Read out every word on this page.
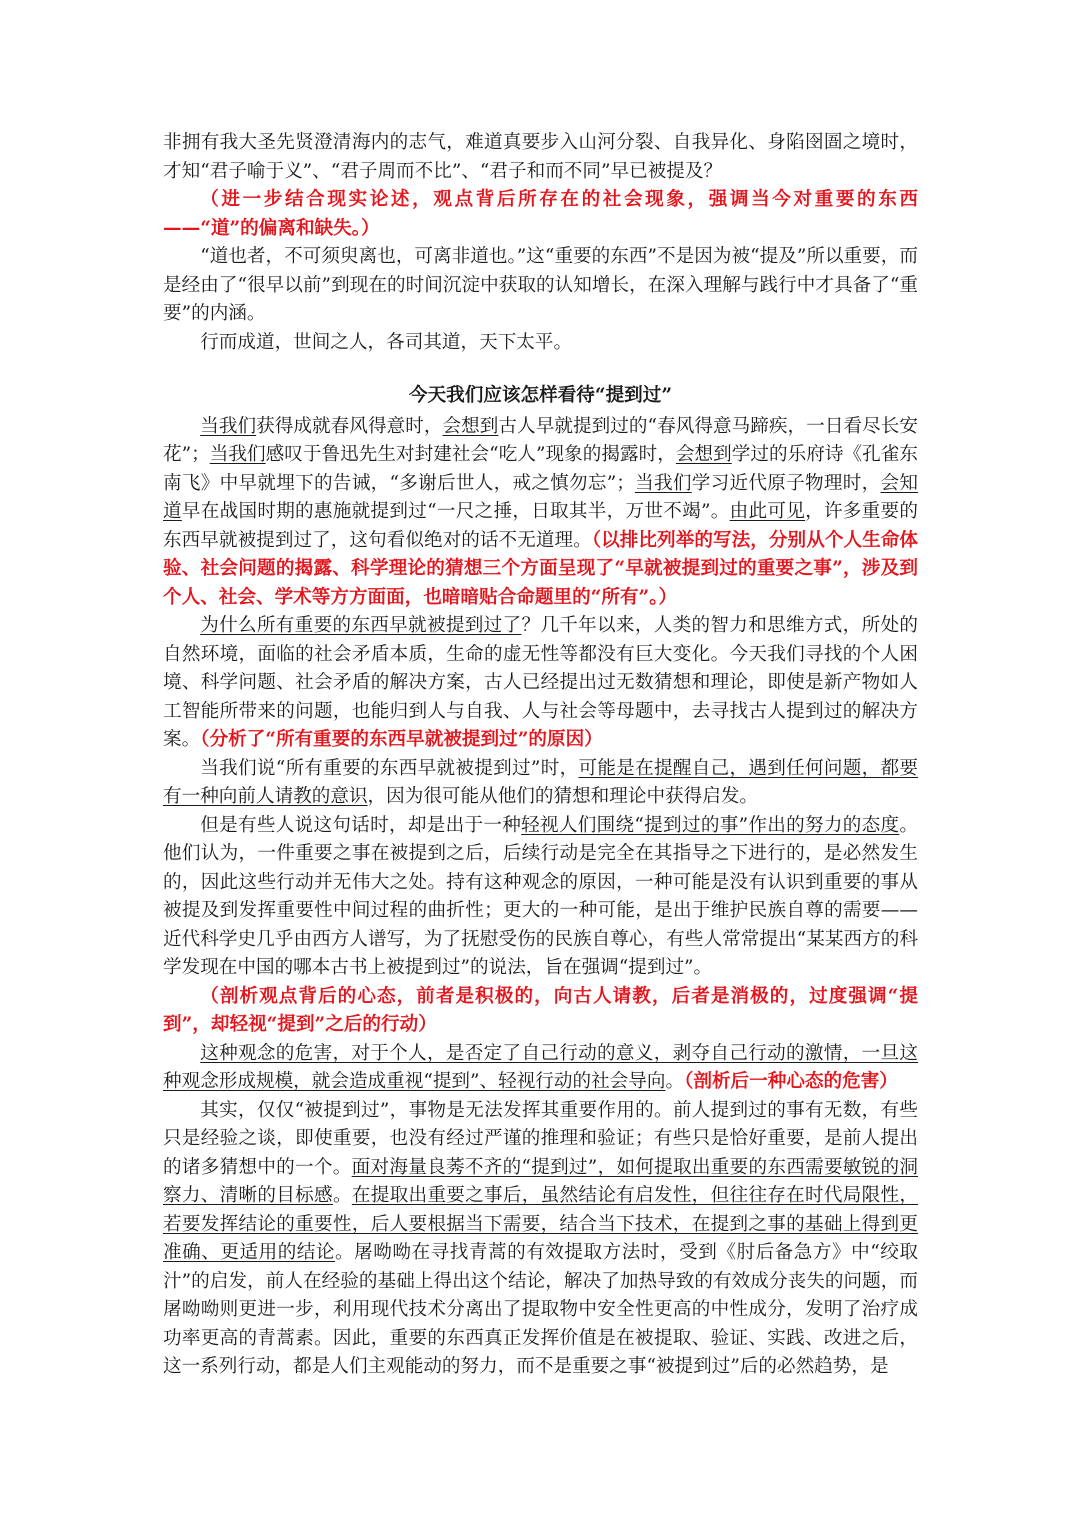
非拥有我大圣先贤澄清海内的志气，难道真要步入山河分裂、自我异化、身陷囹圄之境时，才知“君子喻于义”、“君子周而不比”、“君子和而不同”早已被提及？

（进一步结合现实论述，观点背后所存在的社会现象，强调当今对重要的东西——“道”的偏离和缺失。）

“道也者，不可须臾离也，可离非道也。”这“重要的东西”不是因为被“提及”所以重要，而是经由了“很早以前”到现在的时间沉淀中获取的认知增长，在深入理解与践行中才具备了“重要”的内涵。

行而成道，世间之人，各司其道，天下太平。

今天我们应该怎样看待“提到过”

当我们获得成就春风得意时，会想到古人早就提到过的“春风得意马蹄疾，一日看尽长安花”；当我们感叹于鲁迅先生对封建社会“吃人”现象的揭露时，会想到学过的乐府诗《孔雀东南飞》中早就埋下的告诫，“多谢后世人，戒之慎勿忘”；当我们学习近代原子物理时，会知道早在战国时期的惠施就提到过“一尺之捶，日取其半，万世不竭”。由此可见，许多重要的东西早就被提到过了，这句看似绝对的话不无道理。（以排比列举的写法，分别从个人生命体验、社会问题的揭露、科学理论的猜想三个方面呈现了“早就被提到过的重要之事”，涉及到个人、社会、学术等方方面面，也暗暗贴合命题里的“所有”。）

为什么所有重要的东西早就被提到过了？几千年以来，人类的智力和思维方式，所处的自然环境，面临的社会矛盾本质，生命的虚无性等都没有巨大变化。今天我们寻找的个人困境、科学问题、社会矛盾的解决方案，古人已经提出过无数猜想和理论，即使是新产物如人工智能所带来的问题，也能归到人与自我、人与社会等母题中，去寻找古人提到过的解决方案。（分析了“所有重要的东西早就被提到过”的原因）

当我们说“所有重要的东西早就被提到过”时，可能是在提醒自己，遇到任何问题，都要有一种向前人请教的意识，因为很可能从他们的猜想和理论中获得启发。

但是有些人说这句话时，却是出于一种轻视人们围绕“提到过的事”作出的努力的态度。他们认为，一件重要之事在被提到之后，后续行动是完全在其指导之下进行的，是必然发生的，因此这些行动并无伟大之处。持有这种观念的原因，一种可能是没有认识到重要的事从被提及到发挥重要性中间过程的曲折性；更大的一种可能，是出于维护民族自尊的需要——近代科学史几乎由西方人谱写，为了抚慰受伤的民族自尊心，有些人常常提出“某某西方的科学发现在中国的哪本古书上被提到过”的说法，旨在强调“提到过”。

（剖析观点背后的心态，前者是积极的，向古人请教，后者是消极的，过度强调“提到”，却轻视“提到”之后的行动）

这种观念的危害，对于个人，是否定了自己行动的意义，剥夺自己行动的激情，一旦这种观念形成规模，就会造成重视“提到”、轻视行动的社会导向。（剖析后一种心态的危害）

其实，仅仅“被提到过”，事物是无法发挥其重要作用的。前人提到过的事有无数，有些只是经验之谈，即使重要，也没有经过严谨的推理和验证；有些只是恰好重要，是前人提出的诸多猜想中的一个。面对海量良莠不齐的“提到过”，如何提取出重要的东西需要敏锐的洞察力、清晰的目标感。在提取出重要之事后，虽然结论有启发性，但往往存在时代局限性，若要发挥结论的重要性，后人要根据当下需要，结合当下技术，在提到之事的基础上得到更准确、更适用的结论。屠呦呦在寻找青蒿的有效提取方法时，受到《肘后备急方》中“绞取汁”的启发，前人在经验的基础上得出这个结论，解决了加热导致的有效成分丧失的问题，而屠呦呦则更进一步，利用现代技术分离出了提取物中安全性更高的中性成分，发明了治疗成功率更高的青蒿素。因此，重要的东西真正发挥价值是在被提取、验证、实践、改进之后，这一系列行动，都是人们主观能动的努力，而不是重要之事“被提到过”后的必然趋势，是
